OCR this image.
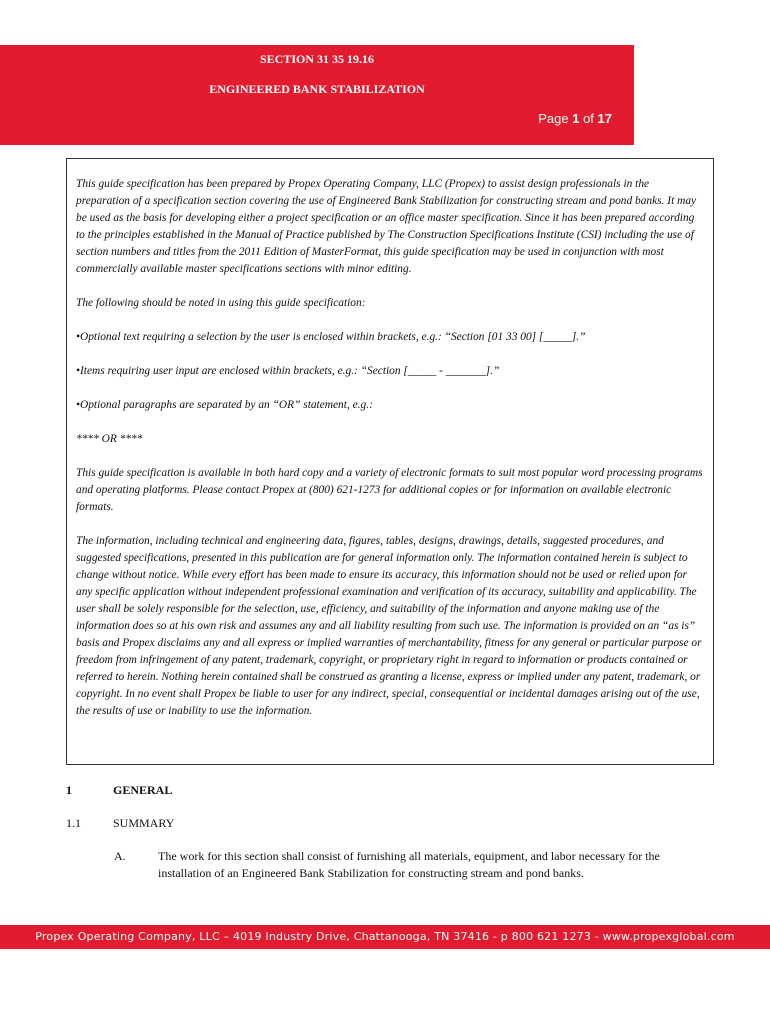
SECTION 31 35 19.16
ENGINEERED BANK STABILIZATION
Page 1 of 17

This guide specification has been prepared by Propex Operating Company, LLC (Propex) to assist design professionals in the preparation of a specification section covering the use of Engineered Bank Stabilization for constructing stream and pond banks. It may be used as the basis for developing either a project specification or an office master specification. Since it has been prepared according to the principles established in the Manual of Practice published by The Construction Specifications Institute (CSI) including the use of section numbers and titles from the 2011 Edition of MasterFormat, this guide specification may be used in conjunction with most commercially available master specifications sections with minor editing.

The following should be noted in using this guide specification:

•Optional text requiring a selection by the user is enclosed within brackets, e.g.: “Section [01 33 00] [_____].”

•Items requiring user input are enclosed within brackets, e.g.: “Section [_____ - _______].”

•Optional paragraphs are separated by an “OR” statement, e.g.:

**** OR ****

This guide specification is available in both hard copy and a variety of electronic formats to suit most popular word processing programs and operating platforms. Please contact Propex at (800) 621-1273 for additional copies or for information on available electronic formats.

The information, including technical and engineering data, figures, tables, designs, drawings, details, suggested procedures, and suggested specifications, presented in this publication are for general information only. The information contained herein is subject to change without notice. While every effort has been made to ensure its accuracy, this information should not be used or relied upon for any specific application without independent professional examination and verification of its accuracy, suitability and applicability. The user shall be solely responsible for the selection, use, efficiency, and suitability of the information and anyone making use of the information does so at his own risk and assumes any and all liability resulting from such use. The information is provided on an “as is” basis and Propex disclaims any and all express or implied warranties of merchantability, fitness for any general or particular purpose or freedom from infringement of any patent, trademark, copyright, or proprietary right in regard to information or products contained or referred to herein. Nothing herein contained shall be construed as granting a license, express or implied under any patent, trademark, or copyright. In no event shall Propex be liable to user for any indirect, special, consequential or incidental damages arising out of the use, the results of use or inability to use the information.

1	GENERAL
1.1	SUMMARY
A.	The work for this section shall consist of furnishing all materials, equipment, and labor necessary for the installation of an Engineered Bank Stabilization for constructing stream and pond banks.
Propex Operating Company, LLC – 4019 Industry Drive, Chattanooga, TN 37416 - p 800 621 1273 - www.propexglobal.com
